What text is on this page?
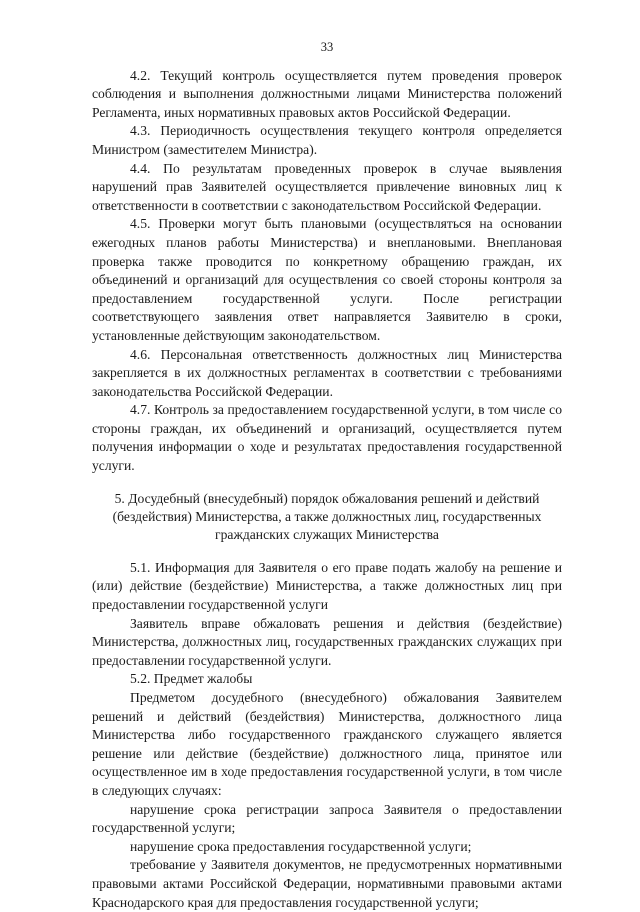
33

4.2. Текущий контроль осуществляется путем проведения проверок соблюдения и выполнения должностными лицами Министерства положений Регламента, иных нормативных правовых актов Российской Федерации.

4.3. Периодичность осуществления текущего контроля определяется Министром (заместителем Министра).

4.4. По результатам проведенных проверок в случае выявления нарушений прав Заявителей осуществляется привлечение виновных лиц к ответственности в соответствии с законодательством Российской Федерации.

4.5. Проверки могут быть плановыми (осуществляться на основании ежегодных планов работы Министерства) и внеплановыми. Внеплановая проверка также проводится по конкретному обращению граждан, их объединений и организаций для осуществления со своей стороны контроля за предоставлением государственной услуги. После регистрации соответствующего заявления ответ направляется Заявителю в сроки, установленные действующим законодательством.

4.6. Персональная ответственность должностных лиц Министерства закрепляется в их должностных регламентах в соответствии с требованиями законодательства Российской Федерации.

4.7. Контроль за предоставлением государственной услуги, в том числе со стороны граждан, их объединений и организаций, осуществляется путем получения информации о ходе и результатах предоставления государственной услуги.

5. Досудебный (внесудебный) порядок обжалования решений и действий
(бездействия) Министерства, а также должностных лиц, государственных
гражданских служащих Министерства

5.1. Информация для Заявителя о его праве подать жалобу на решение и (или) действие (бездействие) Министерства, а также должностных лиц при предоставлении государственной услуги

Заявитель вправе обжаловать решения и действия (бездействие) Министерства, должностных лиц, государственных гражданских служащих при предоставлении государственной услуги.

5.2. Предмет жалобы

Предметом досудебного (внесудебного) обжалования Заявителем решений и действий (бездействия) Министерства, должностного лица Министерства либо государственного гражданского служащего является решение или действие (бездействие) должностного лица, принятое или осуществленное им в ходе предоставления государственной услуги, в том числе в следующих случаях:

нарушение срока регистрации запроса Заявителя о предоставлении государственной услуги;

нарушение срока предоставления государственной услуги;

требование у Заявителя документов, не предусмотренных нормативными правовыми актами Российской Федерации, нормативными правовыми актами Краснодарского края для предоставления государственной услуги;
